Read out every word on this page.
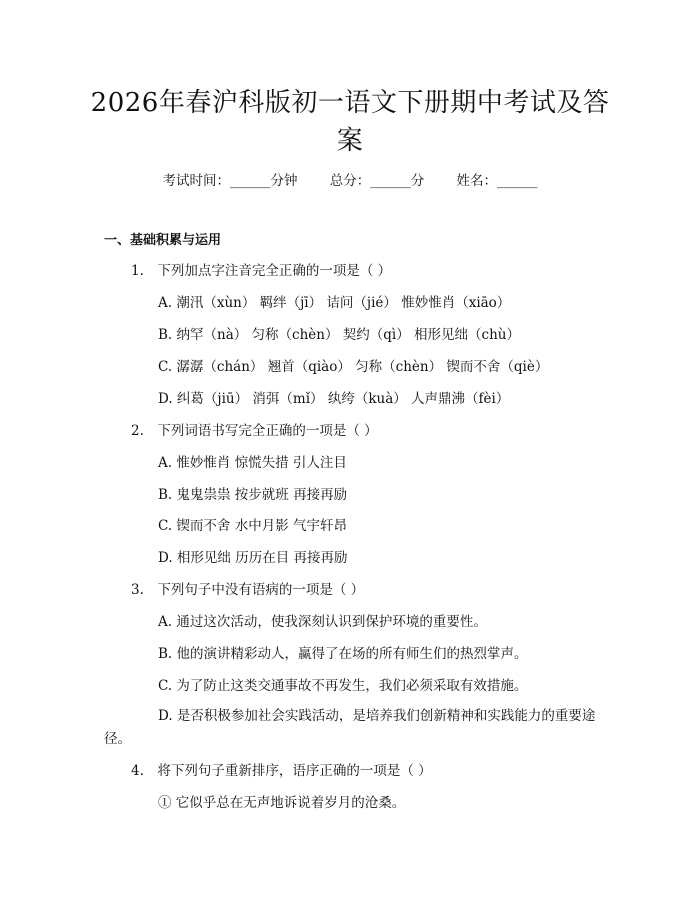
2026年春沪科版初一语文下册期中考试及答案
考试时间：______分钟 总分：______分 姓名：______
一、基础积累与运用
1.　下列加点字注音完全正确的一项是（ ）
A. 潮汛（xùn） 羁绊（jī） 诘问（jié） 惟妙惟肖（xiāo）
B. 纳罕（nà） 匀称（chèn） 契约（qì） 相形见绌（chù）
C. 潺潺（chán） 翘首（qiào） 匀称（chèn） 锲而不舍（qiè）
D. 纠葛（jiū） 消弭（mǐ） 纨绔（kuà） 人声鼎沸（fèi）
2.　下列词语书写完全正确的一项是（ ）
A. 惟妙惟肖 惊慌失措 引人注目
B. 鬼鬼祟祟 按步就班 再接再励
C. 锲而不舍 水中月影 气宇轩昂
D. 相形见绌 历历在目 再接再励
3.　下列句子中没有语病的一项是（ ）
A. 通过这次活动，使我深刻认识到保护环境的重要性。
B. 他的演讲精彩动人，赢得了在场的所有师生们的热烈掌声。
C. 为了防止这类交通事故不再发生，我们必须采取有效措施。
D. 是否积极参加社会实践活动，是培养我们创新精神和实践能力的重要途径。
4.　将下列句子重新排序，语序正确的一项是（ ）
① 它似乎总在无声地诉说着岁月的沧桑。
